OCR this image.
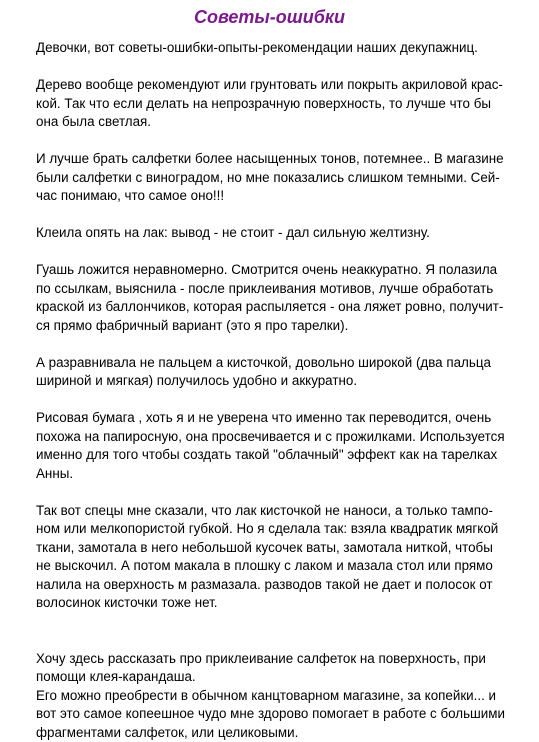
Советы-ошибки

Девочки, вот советы-ошибки-опыты-рекомендации наших декупажниц.

Дерево вообще рекомендуют или грунтовать или покрыть акриловой крас-
кой. Так что если делать на непрозрачную поверхность, то лучше что бы
она была светлая.

И лучше брать салфетки более насыщенных тонов, потемнее.. В магазине
были салфетки с виноградом, но мне показались слишком темными. Сей-
час понимаю, что самое оно!!!

Клеила опять на лак: вывод - не стоит - дал сильную желтизну.

Гуашь ложится неравномерно. Смотрится очень неаккуратно. Я полазила
по ссылкам, выяснила - после приклеивания мотивов, лучше обработать
краской из баллончиков, которая распыляется - она ляжет ровно, получит-
ся прямо фабричный вариант (это я про тарелки).

А разравнивала не пальцем а кисточкой, довольно широкой (два пальца
шириной и мягкая) получилось удобно и аккуратно.

Рисовая бумага , хоть я и не уверена что именно так переводится, очень
похожа на папиросную, она просвечивается и с прожилками. Используется
именно для того чтобы создать такой "облачный" эффект как на тарелках
Анны.

Так вот спецы мне сказали, что лак кисточкой не наноси, а только тампо-
ном или мелкопористой губкой. Но я сделала так: взяла квадратик мягкой
ткани, замотала в него небольшой кусочек ваты, замотала ниткой, чтобы
не выскочил. А потом макала в плошку с лаком и мазала стол или прямо
налила на оверхность м размазала. разводов такой не дает и полосок от
волосинок кисточки тоже нет.

Хочу здесь рассказать про приклеивание салфеток на поверхность, при
помощи клея-карандаша.
Его можно преобрести в обычном канцтоварном магазине, за копейки... и
вот это самое копеешное чудо мне здорово помогает в работе с большими
фрагментами салфеток, или целиковыми.
